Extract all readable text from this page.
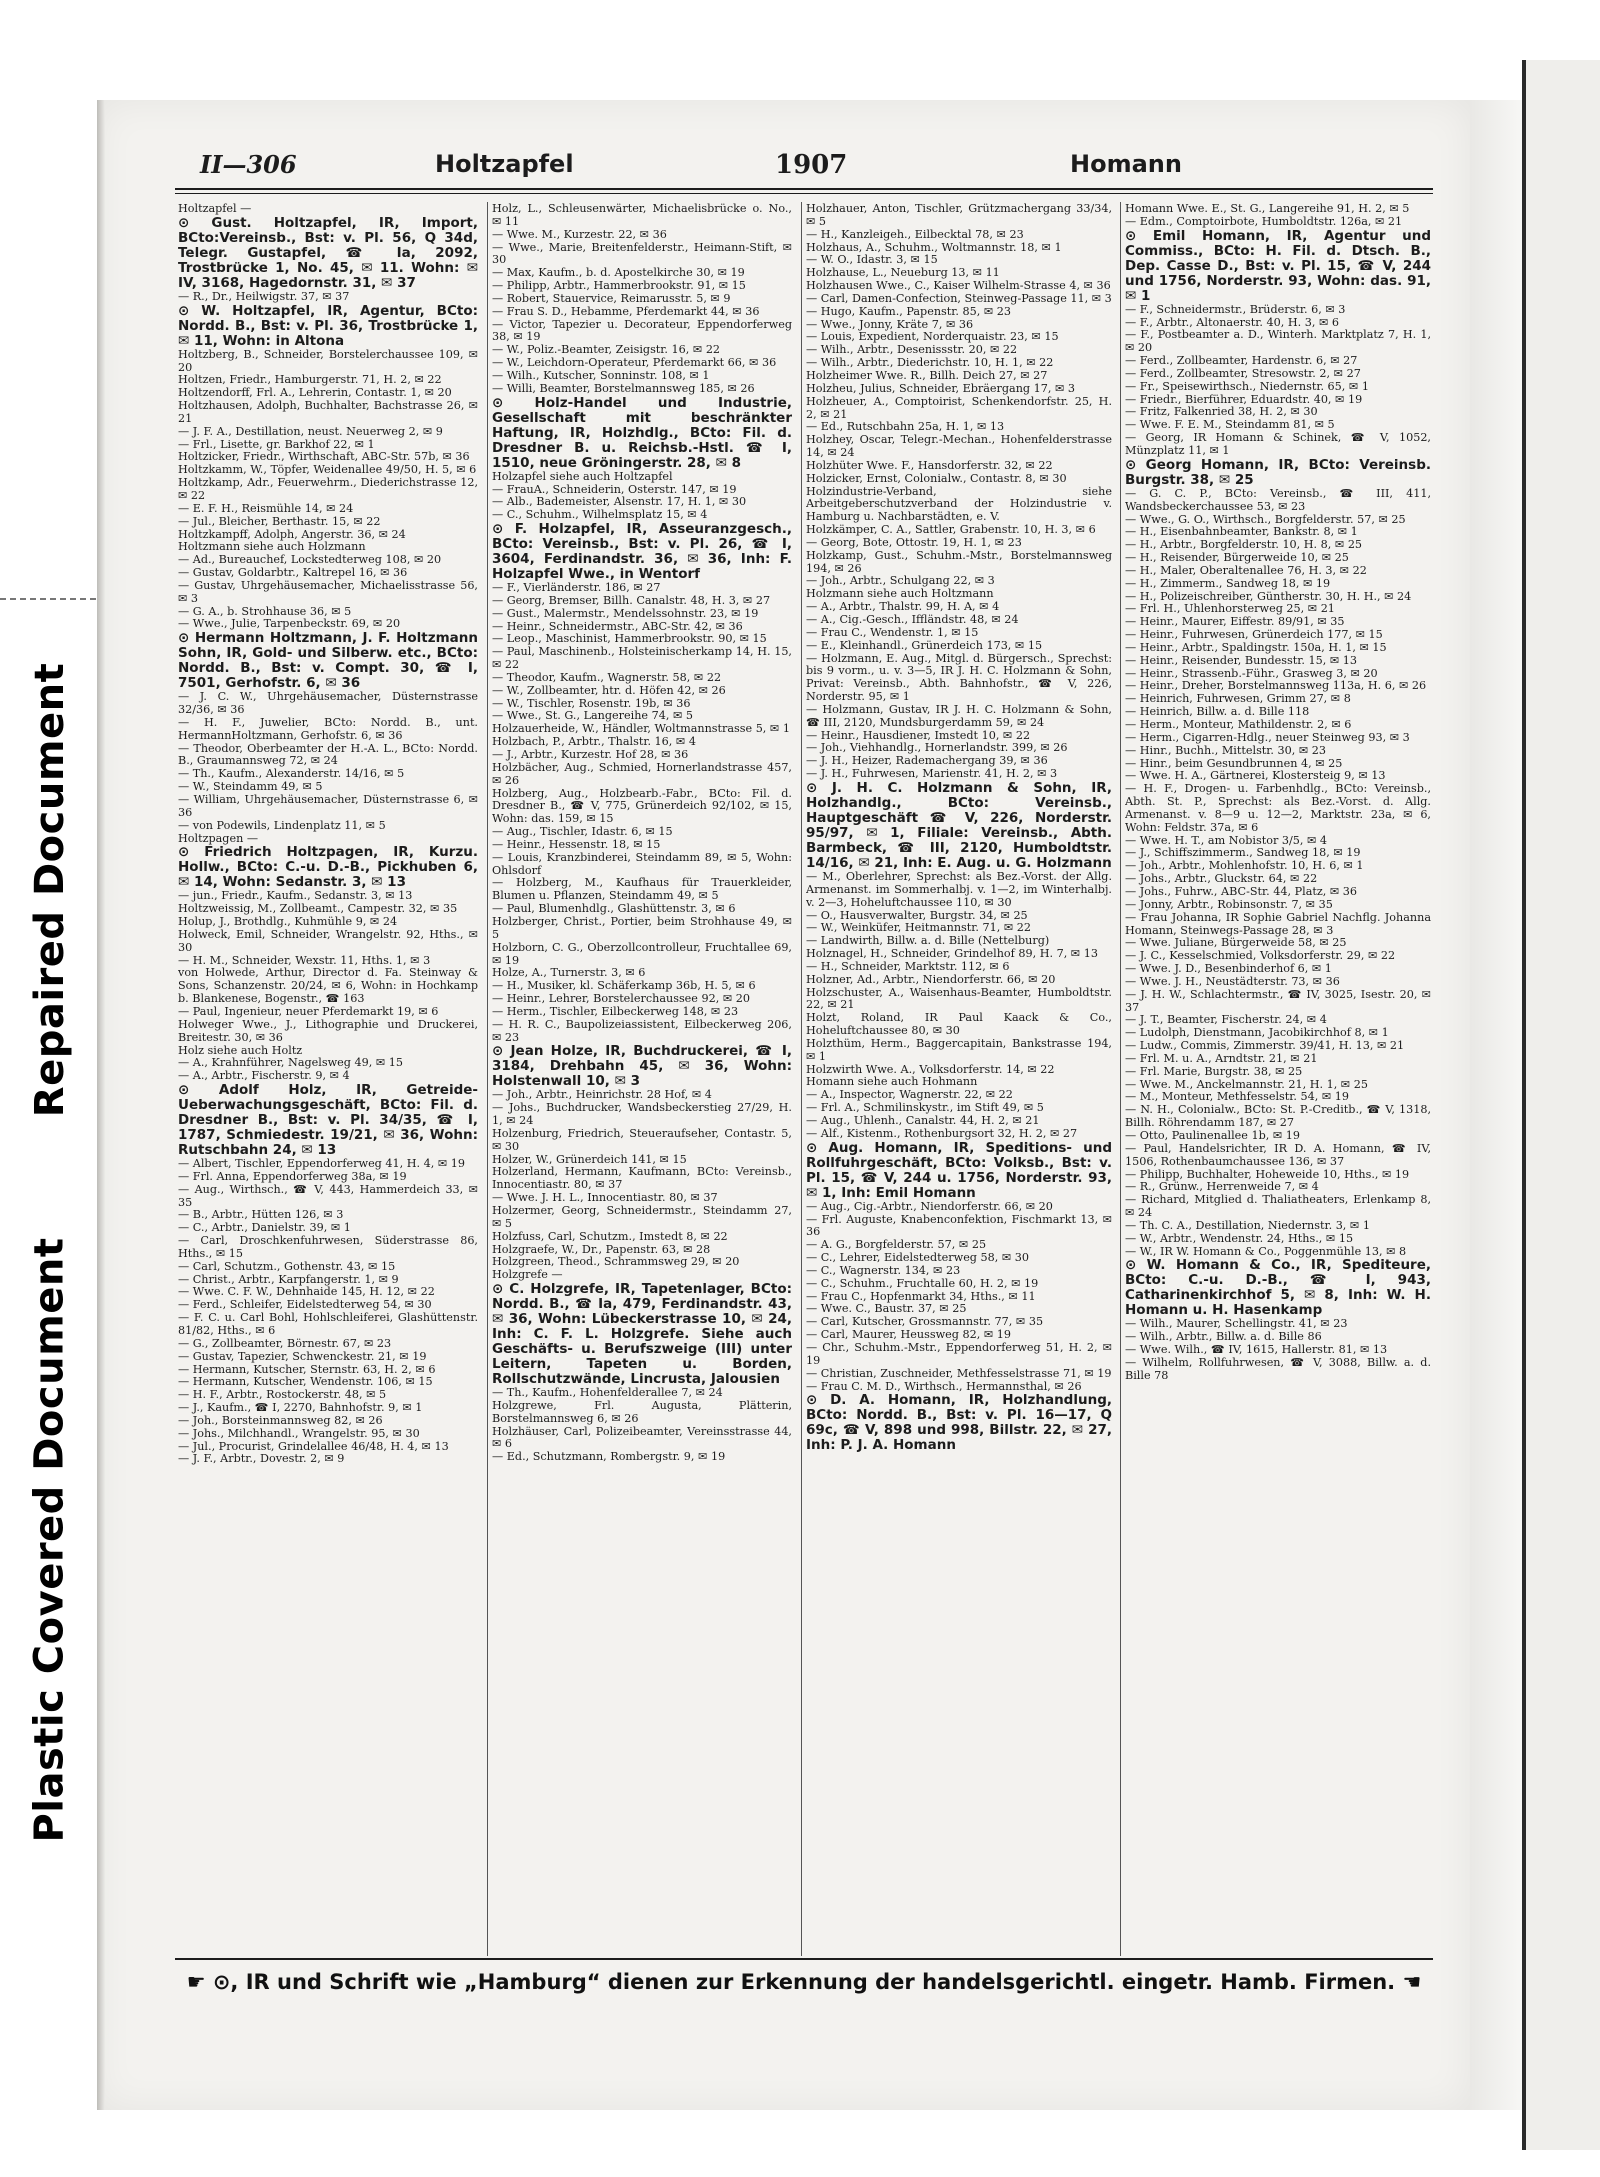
Repaired Document
Plastic Covered Document
II—306	Holtzapfel	1907	Homann

Holtzapfel —

⊙ Gust. Holtzapfel, IR, Import, BCto:Vereinsb., Bst: v. Pl. 56, Q 34d, Telegr. Gustapfel, ☎ Ia, 2092, Trostbrücke 1, No. 45, ✉ 11. Wohn: ✉ IV, 3168, Hagedornstr. 31, ✉ 37

— R., Dr., Heilwigstr. 37, ✉ 37

⊙ W. Holtzapfel, IR, Agentur, BCto: Nordd. B., Bst: v. Pl. 36, Trostbrücke 1, ✉ 11, Wohn: in Altona

Holtzberg, B., Schneider, Borstelerchaussee 109, ✉ 20

Holtzen, Friedr., Hamburgerstr. 71, H. 2, ✉ 22

Holtzendorff, Frl. A., Lehrerin, Contastr. 1, ✉ 20

Holtzhausen, Adolph, Buchhalter, Bachstrasse 26, ✉ 21

— J. F. A., Destillation, neust. Neuerweg 2, ✉ 9

— Frl., Lisette, gr. Barkhof 22, ✉ 1

Holtzicker, Friedr., Wirthschaft, ABC-Str. 57b, ✉ 36

Holtzkamm, W., Töpfer, Weidenallee 49/50, H. 5, ✉ 6

Holtzkamp, Adr., Feuerwehrm., Diederichstrasse 12, ✉ 22

— E. F. H., Reismühle 14, ✉ 24

— Jul., Bleicher, Berthastr. 15, ✉ 22

Holtzkampff, Adolph, Angerstr. 36, ✉ 24

Holtzmann siehe auch Holzmann

— Ad., Bureauchef, Lockstedterweg 108, ✉ 20

— Gustav, Goldarbtr., Kaltrepel 16, ✉ 36

— Gustav, Uhrgehäusemacher, Michaelisstrasse 56, ✉ 3

— G. A., b. Strohhause 36, ✉ 5

— Wwe., Julie, Tarpenbeckstr. 69, ✉ 20

⊙ Hermann Holtzmann, J. F. Holtzmann Sohn, IR, Gold- und Silberw. etc., BCto: Nordd. B., Bst: v. Compt. 30, ☎ I, 7501, Gerhofstr. 6, ✉ 36

— J. C. W., Uhrgehäusemacher, Düsternstrasse 32/36, ✉ 36

— H. F., Juwelier, BCto: Nordd. B., unt. HermannHoltzmann, Gerhofstr. 6, ✉ 36

— Theodor, Oberbeamter der H.-A. L., BCto: Nordd. B., Graumannsweg 72, ✉ 24

— Th., Kaufm., Alexanderstr. 14/16, ✉ 5

— W., Steindamm 49, ✉ 5

— William, Uhrgehäusemacher, Düsternstrasse 6, ✉ 36

— von Podewils, Lindenplatz 11, ✉ 5

Holtzpagen —

⊙ Friedrich Holtzpagen, IR, Kurzu. Hollw., BCto: C.-u. D.-B., Pickhuben 6, ✉ 14, Wohn: Sedanstr. 3, ✉ 13

— jun., Friedr., Kaufm., Sedanstr. 3, ✉ 13

Holtzweissig, M., Zollbeamt., Campestr. 32, ✉ 35

Holup, J., Brothdlg., Kuhmühle 9, ✉ 24

Holweck, Emil, Schneider, Wrangelstr. 92, Hths., ✉ 30

— H. M., Schneider, Wexstr. 11, Hths. 1, ✉ 3

von Holwede, Arthur, Director d. Fa. Steinway & Sons, Schanzenstr. 20/24, ✉ 6, Wohn: in Hochkamp b. Blankenese, Bogenstr., ☎ 163

— Paul, Ingenieur, neuer Pferdemarkt 19, ✉ 6

Holweger Wwe., J., Lithographie und Druckerei, Breitestr. 30, ✉ 36

Holz siehe auch Holtz

— A., Krahnführer, Nagelsweg 49, ✉ 15

— A., Arbtr., Fischerstr. 9, ✉ 4

⊙ Adolf Holz, IR, Getreide-Ueberwachungsgeschäft, BCto: Fil. d. Dresdner B., Bst: v. Pl. 34/35, ☎ I, 1787, Schmiedestr. 19/21, ✉ 36, Wohn: Rutschbahn 24, ✉ 13

— Albert, Tischler, Eppendorferweg 41, H. 4, ✉ 19

— Frl. Anna, Eppendorferweg 38a, ✉ 19

— Aug., Wirthsch., ☎ V, 443, Hammerdeich 33, ✉ 35

— B., Arbtr., Hütten 126, ✉ 3

— C., Arbtr., Danielstr. 39, ✉ 1

— Carl, Droschkenfuhrwesen, Süderstrasse 86, Hths., ✉ 15

— Carl, Schutzm., Gothenstr. 43, ✉ 15

— Christ., Arbtr., Karpfangerstr. 1, ✉ 9

— Wwe. C. F. W., Dehnhaide 145, H. 12, ✉ 22

— Ferd., Schleifer, Eidelstedterweg 54, ✉ 30

— F. C. u. Carl Bohl, Hohlschleiferei, Glashüttenstr. 81/82, Hths., ✉ 6

— G., Zollbeamter, Börnestr. 67, ✉ 23

— Gustav, Tapezier, Schwenckestr. 21, ✉ 19

— Hermann, Kutscher, Sternstr. 63, H. 2, ✉ 6

— Hermann, Kutscher, Wendenstr. 106, ✉ 15

— H. F., Arbtr., Rostockerstr. 48, ✉ 5

— J., Kaufm., ☎ I, 2270, Bahnhofstr. 9, ✉ 1

— Joh., Borsteinmannsweg 82, ✉ 26

— Johs., Milchhandl., Wrangelstr. 95, ✉ 30

— Jul., Procurist, Grindelallee 46/48, H. 4, ✉ 13

— J. F., Arbtr., Dovestr. 2, ✉ 9

Holz, L., Schleusenwärter, Michaelisbrücke o. No., ✉ 11

— Wwe. M., Kurzestr. 22, ✉ 36

— Wwe., Marie, Breitenfelderstr., Heimann-Stift, ✉ 30

— Max, Kaufm., b. d. Apostelkirche 30, ✉ 19

— Philipp, Arbtr., Hammerbrookstr. 91, ✉ 15

— Robert, Stauervice, Reimarusstr. 5, ✉ 9

— Frau S. D., Hebamme, Pferdemarkt 44, ✉ 36

— Victor, Tapezier u. Decorateur, Eppendorferweg 38, ✉ 19

— W., Poliz.-Beamter, Zeisigstr. 16, ✉ 22

— W., Leichdorn-Operateur, Pferdemarkt 66, ✉ 36

— Wilh., Kutscher, Sonninstr. 108, ✉ 1

— Willi, Beamter, Borstelmannsweg 185, ✉ 26

⊙ Holz-Handel und Industrie, Gesellschaft mit beschränkter Haftung, IR, Holzhdlg., BCto: Fil. d. Dresdner B. u. Reichsb.-Hstl. ☎ I, 1510, neue Gröningerstr. 28, ✉ 8

Holzapfel siehe auch Holtzapfel

— FrauA., Schneiderin, Osterstr. 147, ✉ 19

— Alb., Bademeister, Alsenstr. 17, H. 1, ✉ 30

— C., Schuhm., Wilhelmsplatz 15, ✉ 4

⊙ F. Holzapfel, IR, Asseuranzgesch., BCto: Vereinsb., Bst: v. Pl. 26, ☎ I, 3604, Ferdinandstr. 36, ✉ 36, Inh: F. Holzapfel Wwe., in Wentorf

— F., Vierländerstr. 186, ✉ 27

— Georg, Bremser, Billh. Canalstr. 48, H. 3, ✉ 27

— Gust., Malermstr., Mendelssohnstr. 23, ✉ 19

— Heinr., Schneidermstr., ABC-Str. 42, ✉ 36

— Leop., Maschinist, Hammerbrookstr. 90, ✉ 15

— Paul, Maschinenb., Holsteinischerkamp 14, H. 15, ✉ 22

— Theodor, Kaufm., Wagnerstr. 58, ✉ 22

— W., Zollbeamter, htr. d. Höfen 42, ✉ 26

— W., Tischler, Rosenstr. 19b, ✉ 36

— Wwe., St. G., Langereihe 74, ✉ 5

Holzauerheide, W., Händler, Woltmannstrasse 5, ✉ 1

Holzbach, P., Arbtr., Thalstr. 16, ✉ 4

— J., Arbtr., Kurzestr. Hof 28, ✉ 36

Holzbächer, Aug., Schmied, Hornerlandstrasse 457, ✉ 26

Holzberg, Aug., Holzbearb.-Fabr., BCto: Fil. d. Dresdner B., ☎ V, 775, Grünerdeich 92/102, ✉ 15, Wohn: das. 159, ✉ 15

— Aug., Tischler, Idastr. 6, ✉ 15

— Heinr., Hessenstr. 18, ✉ 15

— Louis, Kranzbinderei, Steindamm 89, ✉ 5, Wohn: Ohlsdorf

— Holzberg, M., Kaufhaus für Trauerkleider, Blumen u. Pflanzen, Steindamm 49, ✉ 5

— Paul, Blumenhdlg., Glashüttenstr. 3, ✉ 6

Holzberger, Christ., Portier, beim Strohhause 49, ✉ 5

Holzborn, C. G., Oberzollcontrolleur, Fruchtallee 69, ✉ 19

Holze, A., Turnerstr. 3, ✉ 6

— H., Musiker, kl. Schäferkamp 36b, H. 5, ✉ 6

— Heinr., Lehrer, Borstelerchaussee 92, ✉ 20

— Herm., Tischler, Eilbeckerweg 148, ✉ 23

— H. R. C., Baupolizeiassistent, Eilbeckerweg 206, ✉ 23

⊙ Jean Holze, IR, Buchdruckerei, ☎ I, 3184, Drehbahn 45, ✉ 36, Wohn: Holstenwall 10, ✉ 3

— Joh., Arbtr., Heinrichstr. 28 Hof, ✉ 4

— Johs., Buchdrucker, Wandsbeckerstieg 27/29, H. 1, ✉ 24

Holzenburg, Friedrich, Steueraufseher, Contastr. 5, ✉ 30

Holzer, W., Grünerdeich 141, ✉ 15

Holzerland, Hermann, Kaufmann, BCto: Vereinsb., Innocentiastr. 80, ✉ 37

— Wwe. J. H. L., Innocentiastr. 80, ✉ 37

Holzermer, Georg, Schneidermstr., Steindamm 27, ✉ 5

Holzfuss, Carl, Schutzm., Imstedt 8, ✉ 22

Holzgraefe, W., Dr., Papenstr. 63, ✉ 28

Holzgreen, Theod., Schrammsweg 29, ✉ 20

Holzgrefe —

⊙ C. Holzgrefe, IR, Tapetenlager, BCto: Nordd. B., ☎ Ia, 479, Ferdinandstr. 43, ✉ 36, Wohn: Lübeckerstrasse 10, ✉ 24, Inh: C. F. L. Holzgrefe. Siehe auch Geschäfts- u. Berufszweige (III) unter Leitern, Tapeten u. Borden, Rollschutzwände, Lincrusta, Jalousien

— Th., Kaufm., Hohenfelderallee 7, ✉ 24

Holzgrewe, Frl. Augusta, Plätterin, Borstelmannsweg 6, ✉ 26

Holzhäuser, Carl, Polizeibeamter, Vereinsstrasse 44, ✉ 6

— Ed., Schutzmann, Rombergstr. 9, ✉ 19

Holzhauer, Anton, Tischler, Grützmachergang 33/34, ✉ 5

— H., Kanzleigeh., Eilbecktal 78, ✉ 23

Holzhaus, A., Schuhm., Woltmannstr. 18, ✉ 1

— W. O., Idastr. 3, ✉ 15

Holzhause, L., Neueburg 13, ✉ 11

Holzhausen Wwe., C., Kaiser Wilhelm-Strasse 4, ✉ 36

— Carl, Damen-Confection, Steinweg-Passage 11, ✉ 3

— Hugo, Kaufm., Papenstr. 85, ✉ 23

— Wwe., Jonny, Kräte 7, ✉ 36

— Louis, Expedient, Norderquaistr. 23, ✉ 15

— Wilh., Arbtr., Desenissstr. 20, ✉ 22

— Wilh., Arbtr., Diederichstr. 10, H. 1, ✉ 22

Holzheimer Wwe. R., Billh. Deich 27, ✉ 27

Holzheu, Julius, Schneider, Ebräergang 17, ✉ 3

Holzheuer, A., Comptoirist, Schenkendorfstr. 25, H. 2, ✉ 21

— Ed., Rutschbahn 25a, H. 1, ✉ 13

Holzhey, Oscar, Telegr.-Mechan., Hohenfelderstrasse 14, ✉ 24

Holzhüter Wwe. F., Hansdorferstr. 32, ✉ 22

Holzicker, Ernst, Colonialw., Contastr. 8, ✉ 30

Holzindustrie-Verband, siehe Arbeitgeberschutzverband der Holzindustrie v. Hamburg u. Nachbarstädten, e. V.

Holzkämper, C. A., Sattler, Grabenstr. 10, H. 3, ✉ 6

— Georg, Bote, Ottostr. 19, H. 1, ✉ 23

Holzkamp, Gust., Schuhm.-Mstr., Borstelmannsweg 194, ✉ 26

— Joh., Arbtr., Schulgang 22, ✉ 3

Holzmann siehe auch Holtzmann

— A., Arbtr., Thalstr. 99, H. A, ✉ 4

— A., Cig.-Gesch., Iffländstr. 48, ✉ 24

— Frau C., Wendenstr. 1, ✉ 15

— E., Kleinhandl., Grünerdeich 173, ✉ 15

— Holzmann, E. Aug., Mitgl. d. Bürgersch., Sprechst: bis 9 vorm., u. v. 3—5, IR J. H. C. Holzmann & Sohn, Privat: Vereinsb., Abth. Bahnhofstr., ☎ V, 226, Norderstr. 95, ✉ 1

— Holzmann, Gustav, IR J. H. C. Holzmann & Sohn, ☎ III, 2120, Mundsburgerdamm 59, ✉ 24

— Heinr., Hausdiener, Imstedt 10, ✉ 22

— Joh., Viehhandlg., Hornerlandstr. 399, ✉ 26

— J. H., Heizer, Rademachergang 39, ✉ 36

— J. H., Fuhrwesen, Marienstr. 41, H. 2, ✉ 3

⊙ J. H. C. Holzmann & Sohn, IR, Holzhandlg., BCto: Vereinsb., Hauptgeschäft ☎ V, 226, Norderstr. 95/97, ✉ 1, Filiale: Vereinsb., Abth. Barmbeck, ☎ III, 2120, Humboldtstr. 14/16, ✉ 21, Inh: E. Aug. u. G. Holzmann

— M., Oberlehrer, Sprechst: als Bez.-Vorst. der Allg. Armenanst. im Sommerhalbj. v. 1—2, im Winterhalbj. v. 2—3, Hoheluftchaussee 110, ✉ 30

— O., Hausverwalter, Burgstr. 34, ✉ 25

— W., Weinküfer, Heitmannstr. 71, ✉ 22

— Landwirth, Billw. a. d. Bille (Nettelburg)

Holznagel, H., Schneider, Grindelhof 89, H. 7, ✉ 13

— H., Schneider, Marktstr. 112, ✉ 6

Holzner, Ad., Arbtr., Niendorferstr. 66, ✉ 20

Holzschuster, A., Waisenhaus-Beamter, Humboldtstr. 22, ✉ 21

Holzt, Roland, IR Paul Kaack & Co., Hoheluftchaussee 80, ✉ 30

Holzthüm, Herm., Baggercapitain, Bankstrasse 194, ✉ 1

Holzwirth Wwe. A., Volksdorferstr. 14, ✉ 22

Homann siehe auch Hohmann

— A., Inspector, Wagnerstr. 22, ✉ 22

— Frl. A., Schmilinskystr., im Stift 49, ✉ 5

— Aug., Uhlenh., Canalstr. 44, H. 2, ✉ 21

— Alf., Kistenm., Rothenburgsort 32, H. 2, ✉ 27

⊙ Aug. Homann, IR, Speditions- und Rollfuhrgeschäft, BCto: Volksb., Bst: v. Pl. 15, ☎ V, 244 u. 1756, Norderstr. 93, ✉ 1, Inh: Emil Homann

— Aug., Cig.-Arbtr., Niendorferstr. 66, ✉ 20

— Frl. Auguste, Knabenconfektion, Fischmarkt 13, ✉ 36

— A. G., Borgfelderstr. 57, ✉ 25

— C., Lehrer, Eidelstedterweg 58, ✉ 30

— C., Wagnerstr. 134, ✉ 23

— C., Schuhm., Fruchtalle 60, H. 2, ✉ 19

— Frau C., Hopfenmarkt 34, Hths., ✉ 11

— Wwe. C., Baustr. 37, ✉ 25

— Carl, Kutscher, Grossmannstr. 77, ✉ 35

— Carl, Maurer, Heussweg 82, ✉ 19

— Chr., Schuhm.-Mstr., Eppendorferweg 51, H. 2, ✉ 19

— Christian, Zuschneider, Methfesselstrasse 71, ✉ 19

— Frau C. M. D., Wirthsch., Hermannsthal, ✉ 26

⊙ D. A. Homann, IR, Holzhandlung, BCto: Nordd. B., Bst: v. Pl. 16—17, Q 69c, ☎ V, 898 und 998, Billstr. 22, ✉ 27, Inh: P. J. A. Homann

Homann Wwe. E., St. G., Langereihe 91, H. 2, ✉ 5

— Edm., Comptoirbote, Humboldtstr. 126a, ✉ 21

⊙ Emil Homann, IR, Agentur und Commiss., BCto: H. Fil. d. Dtsch. B., Dep. Casse D., Bst: v. Pl. 15, ☎ V, 244 und 1756, Norderstr. 93, Wohn: das. 91, ✉ 1

— F., Schneidermstr., Brüderstr. 6, ✉ 3

— F., Arbtr., Altonaerstr. 40, H. 3, ✉ 6

— F., Postbeamter a. D., Winterh. Marktplatz 7, H. 1, ✉ 20

— Ferd., Zollbeamter, Hardenstr. 6, ✉ 27

— Ferd., Zollbeamter, Stresowstr. 2, ✉ 27

— Fr., Speisewirthsch., Niedernstr. 65, ✉ 1

— Friedr., Bierführer, Eduardstr. 40, ✉ 19

— Fritz, Falkenried 38, H. 2, ✉ 30

— Wwe. F. E. M., Steindamm 81, ✉ 5

— Georg, IR Homann & Schinek, ☎ V, 1052, Münzplatz 11, ✉ 1

⊙ Georg Homann, IR, BCto: Vereinsb. Burgstr. 38, ✉ 25

— G. C. P., BCto: Vereinsb., ☎ III, 411, Wandsbeckerchaussee 53, ✉ 23

— Wwe., G. O., Wirthsch., Borgfelderstr. 57, ✉ 25

— H., Eisenbahnbeamter, Bankstr. 8, ✉ 1

— H., Arbtr., Borgfelderstr. 10, H. 8, ✉ 25

— H., Reisender, Bürgerweide 10, ✉ 25

— H., Maler, Oberaltenallee 76, H. 3, ✉ 22

— H., Zimmerm., Sandweg 18, ✉ 19

— H., Polizeischreiber, Güntherstr. 30, H. H., ✉ 24

— Frl. H., Uhlenhorsterweg 25, ✉ 21

— Heinr., Maurer, Eiffestr. 89/91, ✉ 35

— Heinr., Fuhrwesen, Grünerdeich 177, ✉ 15

— Heinr., Arbtr., Spaldingstr. 150a, H. 1, ✉ 15

— Heinr., Reisender, Bundesstr. 15, ✉ 13

— Heinr., Strassenb.-Führ., Grasweg 3, ✉ 20

— Heinr., Dreher, Borstelmannsweg 113a, H. 6, ✉ 26

— Heinrich, Fuhrwesen, Grimm 27, ✉ 8

— Heinrich, Billw. a. d. Bille 118

— Herm., Monteur, Mathildenstr. 2, ✉ 6

— Herm., Cigarren-Hdlg., neuer Steinweg 93, ✉ 3

— Hinr., Buchh., Mittelstr. 30, ✉ 23

— Hinr., beim Gesundbrunnen 4, ✉ 25

— Wwe. H. A., Gärtnerei, Klostersteig 9, ✉ 13

— H. F., Drogen- u. Farbenhdlg., BCto: Vereinsb., Abth. St. P., Sprechst: als Bez.-Vorst. d. Allg. Armenanst. v. 8—9 u. 12—2, Marktstr. 23a, ✉ 6, Wohn: Feldstr. 37a, ✉ 6

— Wwe. H. T., am Nobistor 3/5, ✉ 4

— J., Schiffszimmerm., Sandweg 18, ✉ 19

— Joh., Arbtr., Mohlenhofstr. 10, H. 6, ✉ 1

— Johs., Arbtr., Gluckstr. 64, ✉ 22

— Johs., Fuhrw., ABC-Str. 44, Platz, ✉ 36

— Jonny, Arbtr., Robinsonstr. 7, ✉ 35

— Frau Johanna, IR Sophie Gabriel Nachflg. Johanna Homann, Steinwegs-Passage 28, ✉ 3

— Wwe. Juliane, Bürgerweide 58, ✉ 25

— J. C., Kesselschmied, Volksdorferstr. 29, ✉ 22

— Wwe. J. D., Besenbinderhof 6, ✉ 1

— Wwe. J. H., Neustädterstr. 73, ✉ 36

— J. H. W., Schlachtermstr., ☎ IV, 3025, Isestr. 20, ✉ 37

— J. T., Beamter, Fischerstr. 24, ✉ 4

— Ludolph, Dienstmann, Jacobikirchhof 8, ✉ 1

— Ludw., Commis, Zimmerstr. 39/41, H. 13, ✉ 21

— Frl. M. u. A., Arndtstr. 21, ✉ 21

— Frl. Marie, Burgstr. 38, ✉ 25

— Wwe. M., Anckelmannstr. 21, H. 1, ✉ 25

— M., Monteur, Methfesselstr. 54, ✉ 19

— N. H., Colonialw., BCto: St. P.-Creditb., ☎ V, 1318, Billh. Röhrendamm 187, ✉ 27

— Otto, Paulinenallee 1b, ✉ 19

— Paul, Handelsrichter, IR D. A. Homann, ☎ IV, 1506, Rothenbaumchaussee 136, ✉ 37

— Philipp, Buchhalter, Hoheweide 10, Hths., ✉ 19

— R., Grünw., Herrenweide 7, ✉ 4

— Richard, Mitglied d. Thaliatheaters, Erlenkamp 8, ✉ 24

— Th. C. A., Destillation, Niedernstr. 3, ✉ 1

— W., Arbtr., Wendenstr. 24, Hths., ✉ 15

— W., IR W. Homann & Co., Poggenmühle 13, ✉ 8

⊙ W. Homann & Co., IR, Spediteure, BCto: C.-u. D.-B., ☎ I, 943, Catharinenkirchhof 5, ✉ 8, Inh: W. H. Homann u. H. Hasenkamp

— Wilh., Maurer, Schellingstr. 41, ✉ 23

— Wilh., Arbtr., Billw. a. d. Bille 86

— Wwe. Wilh., ☎ IV, 1615, Hallerstr. 81, ✉ 13

— Wilhelm, Rollfuhrwesen, ☎ V, 3088, Billw. a. d. Bille 78

☛ ⊙, IR und Schrift wie „Hamburg“ dienen zur Erkennung der handelsgerichtl. eingetr. Hamb. Firmen. ☚
